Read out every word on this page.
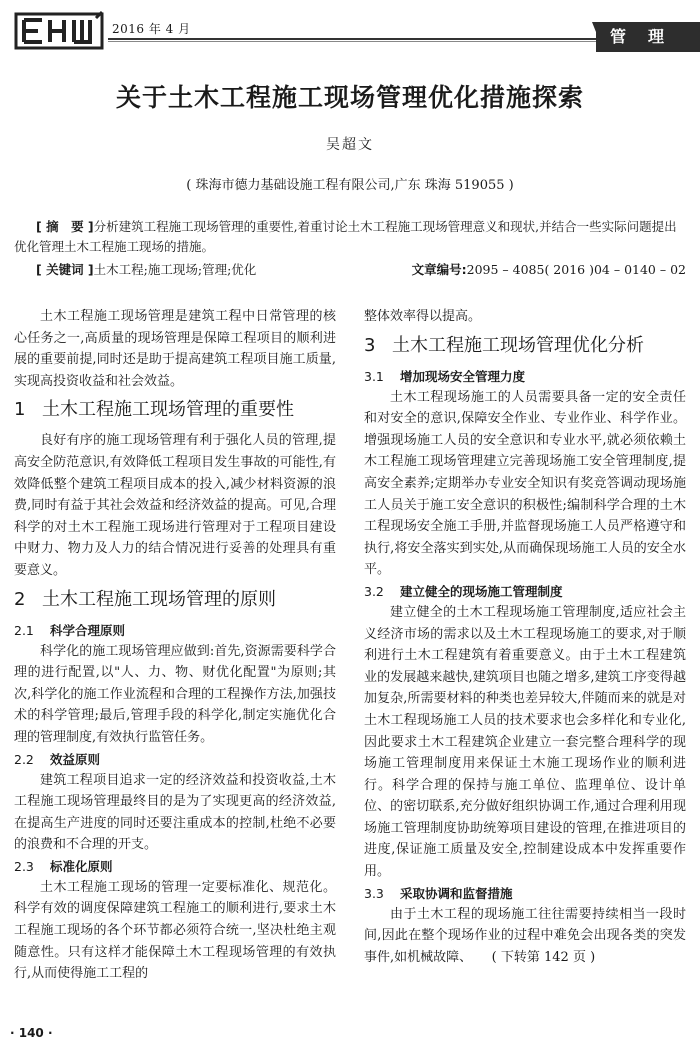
2016 年 4 月	管理
关于土木工程施工现场管理优化措施探索
吴超文
( 珠海市德力基础设施工程有限公司,广东 珠海 519055 )
[ 摘　要 ]分析建筑工程施工现场管理的重要性,着重讨论土木工程施工现场管理意义和现状,并结合一些实际问题提出优化管理土木工程施工现场的措施。
[ 关键词 ]土木工程;施工现场;管理;优化	文章编号:2095 – 4085( 2016 )04 – 0140 – 02

土木工程施工现场管理是建筑工程中日常管理的核心任务之一,高质量的现场管理是保障工程项目的顺利进展的重要前提,同时还是助于提高建筑工程项目施工质量,实现高投资收益和社会效益。

1 土木工程施工现场管理的重要性

良好有序的施工现场管理有利于强化人员的管理,提高安全防范意识,有效降低工程项目发生事故的可能性,有效降低整个建筑工程项目成本的投入,减少材料资源的浪费,同时有益于其社会效益和经济效益的提高。可见,合理科学的对土木工程施工现场进行管理对于工程项目建设中财力、物力及人力的结合情况进行妥善的处理具有重要意义。

2 土木工程施工现场管理的原则
2.1 科学合理原则

科学化的施工现场管理应做到:首先,资源需要科学合理的进行配置,以"人、力、物、财优化配置"为原则;其次,科学化的施工作业流程和合理的工程操作方法,加强技术的科学管理;最后,管理手段的科学化,制定实施优化合理的管理制度,有效执行监管任务。

2.2 效益原则

建筑工程项目追求一定的经济效益和投资收益,土木工程施工现场管理最终目的是为了实现更高的经济效益,在提高生产进度的同时还要注重成本的控制,杜绝不必要的浪费和不合理的开支。

2.3 标准化原则

土木工程施工现场的管理一定要标准化、规范化。科学有效的调度保障建筑工程施工的顺利进行,要求土木工程施工现场的各个环节都必须符合统一,坚决杜绝主观随意性。只有这样才能保障土木工程现场管理的有效执行,从而使得施工工程的

整体效率得以提高。

3 土木工程施工现场管理优化分析
3.1 增加现场安全管理力度

土木工程现场施工的人员需要具备一定的安全责任和对安全的意识,保障安全作业、专业作业、科学作业。增强现场施工人员的安全意识和专业水平,就必须依赖土木工程施工现场管理建立完善现场施工安全管理制度,提高安全素养;定期举办专业安全知识有奖竞答调动现场施工人员关于施工安全意识的积极性;编制科学合理的土木工程现场安全施工手册,并监督现场施工人员严格遵守和执行,将安全落实到实处,从而确保现场施工人员的安全水平。

3.2 建立健全的现场施工管理制度

建立健全的土木工程现场施工管理制度,适应社会主义经济市场的需求以及土木工程现场施工的要求,对于顺利进行土木工程建筑有着重要意义。由于土木工程建筑业的发展越来越快,建筑项目也随之增多,建筑工序变得越加复杂,所需要材料的种类也差异较大,伴随而来的就是对土木工程现场施工人员的技术要求也会多样化和专业化,因此要求土木工程建筑企业建立一套完整合理科学的现场施工管理制度用来保证土木施工现场作业的顺利进行。科学合理的保持与施工单位、监理单位、设计单位、的密切联系,充分做好组织协调工作,通过合理利用现场施工管理制度协助统筹项目建设的管理,在推进项目的进度,保证施工质量及安全,控制建设成本中发挥重要作用。

3.3 采取协调和监督措施

由于土木工程的现场施工往往需要持续相当一段时间,因此在整个现场作业的过程中难免会出现各类的突发事件,如机械故障、　　 ( 下转第 142 页 )

· 140 ·
